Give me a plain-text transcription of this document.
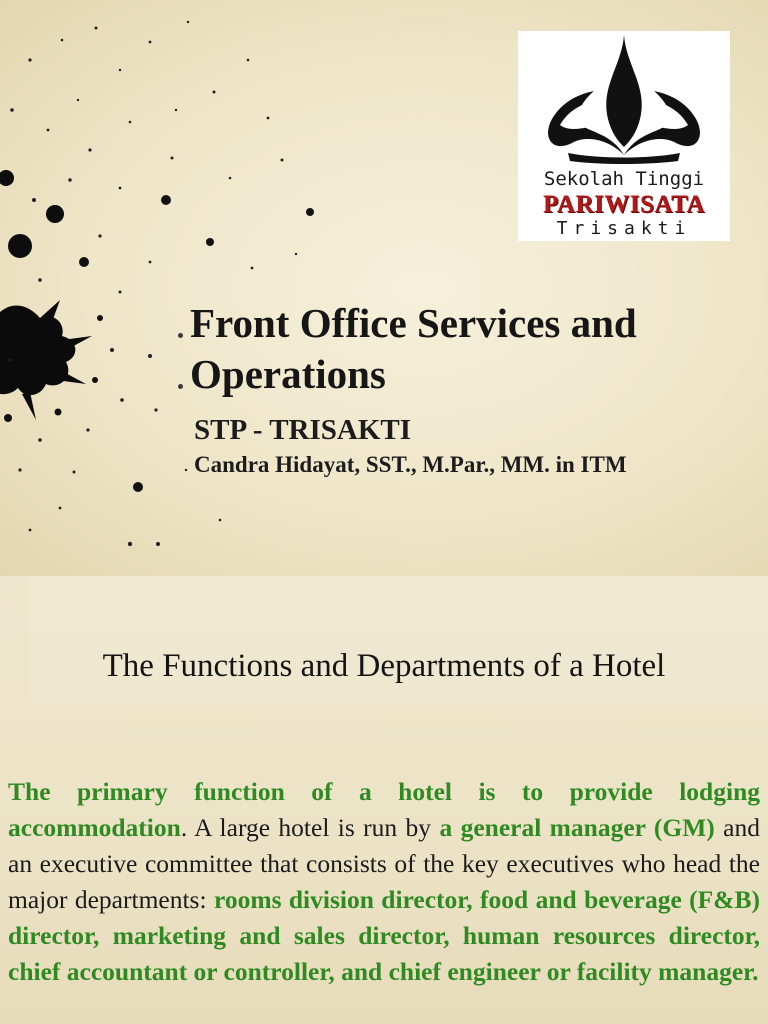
Sekolah Tinggi
PARIWISATA
Trisakti
Front Office Services and Operations
STP - TRISAKTI
Candra Hidayat, SST., M.Par., MM. in ITM
The Functions and Departments of a Hotel
The primary function of a hotel is to provide lodging accommodation. A large hotel is run by a general manager (GM) and an executive committee that consists of the key executives who head the major departments: rooms division director, food and beverage (F&B) director, marketing and sales director, human resources director, chief accountant or controller, and chief engineer or facility manager.
